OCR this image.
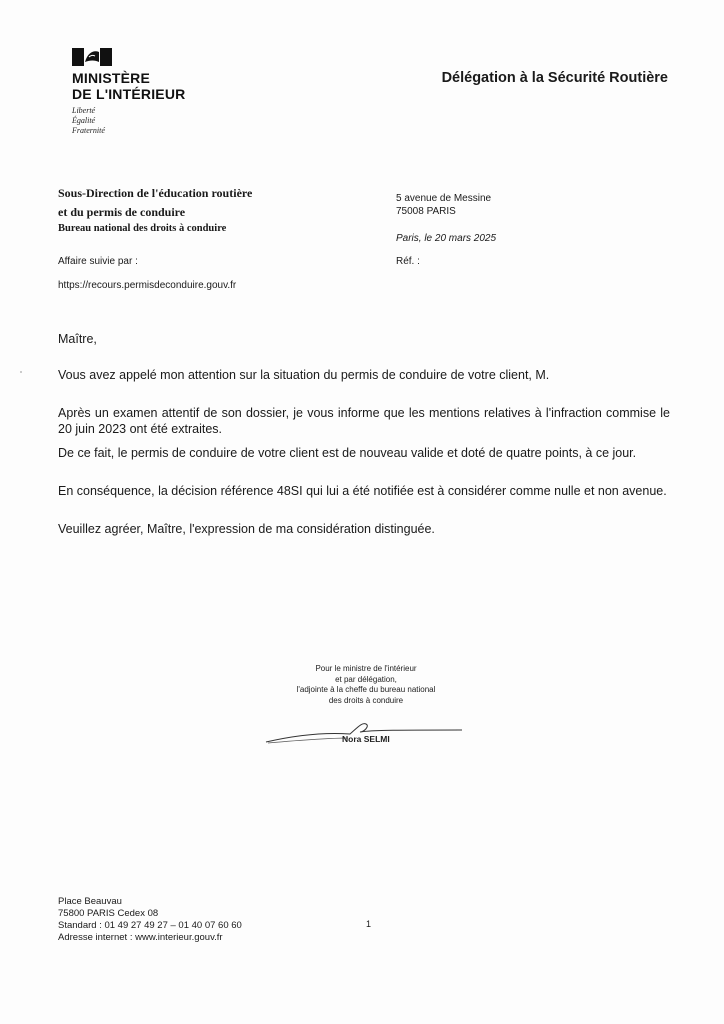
MINISTÈRE
DE L'INTÉRIEUR
Liberté
Égalité
Fraternité
Délégation à la Sécurité Routière
Sous-Direction de l'éducation routière
et du permis de conduire
Bureau national des droits à conduire
Affaire suivie par :
https://recours.permisdeconduire.gouv.fr
5 avenue de Messine
75008 PARIS
Paris, le 20 mars 2025
Réf. :
Maître,
Vous avez appelé mon attention sur la situation du permis de conduire de votre client, M.
Après un examen attentif de son dossier, je vous informe que les mentions relatives à l'infraction commise le 20 juin 2023 ont été extraites.
De ce fait, le permis de conduire de votre client est de nouveau valide et doté de quatre points, à ce jour.
En conséquence, la décision référence 48SI qui lui a été notifiée est à considérer comme nulle et non avenue.
Veuillez agréer, Maître, l'expression de ma considération distinguée.
Pour le ministre de l'intérieur
et par délégation,
l'adjointe à la cheffe du bureau national
des droits à conduire
Nora SELMI
Place Beauvau
75800 PARIS Cedex 08
Standard : 01 49 27 49 27 – 01 40 07 60 60
Adresse internet : www.interieur.gouv.fr
1
